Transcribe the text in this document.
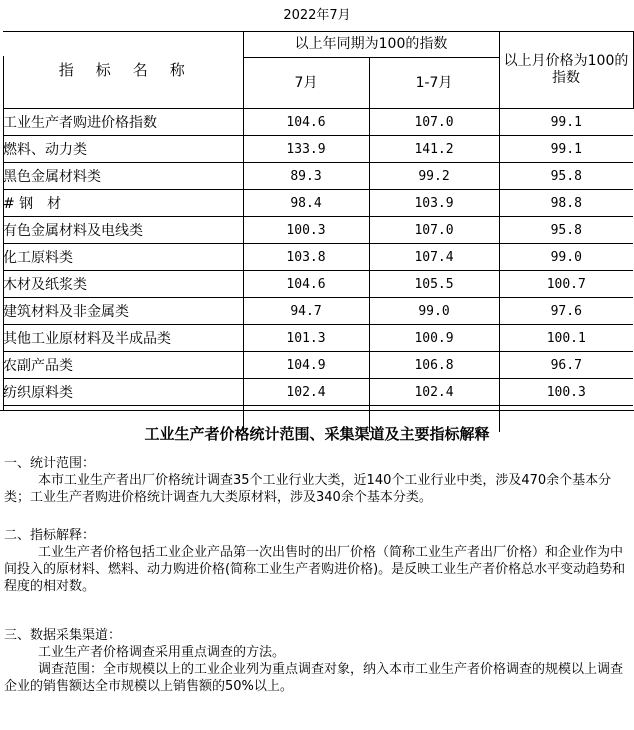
2022年7月
指标名称	以上年同期为100的指数		以上月价格为100的指数
	7月	1-7月	
工业生产者购进价格指数	104.6	107.0	99.1
燃料、动力类	133.9	141.2	99.1
黑色金属材料类	89.3	99.2	95.8
# 钢　材	98.4	103.9	98.8
有色金属材料及电线类	100.3	107.0	95.8
化工原料类	103.8	107.4	99.0
木材及纸浆类	104.6	105.5	100.7
建筑材料及非金属类	94.7	99.0	97.6
其他工业原材料及半成品类	101.3	100.9	100.1
农副产品类	104.9	106.8	96.7
纺织原料类	102.4	102.4	100.3

工业生产者价格统计范围、采集渠道及主要指标解释
一、统计范围：
本市工业生产者出厂价格统计调查35个工业行业大类，近140个工业行业中类，涉及470余个基本分类；工业生产者购进价格统计调查九大类原材料，涉及340余个基本分类。
二、指标解释：
工业生产者价格包括工业企业产品第一次出售时的出厂价格（简称工业生产者出厂价格）和企业作为中间投入的原材料、燃料、动力购进价格(简称工业生产者购进价格)。是反映工业生产者价格总水平变动趋势和程度的相对数。
三、数据采集渠道：
工业生产者价格调查采用重点调查的方法。
调查范围：全市规模以上的工业企业列为重点调查对象，纳入本市工业生产者价格调查的规模以上调查企业的销售额达全市规模以上销售额的50%以上。
